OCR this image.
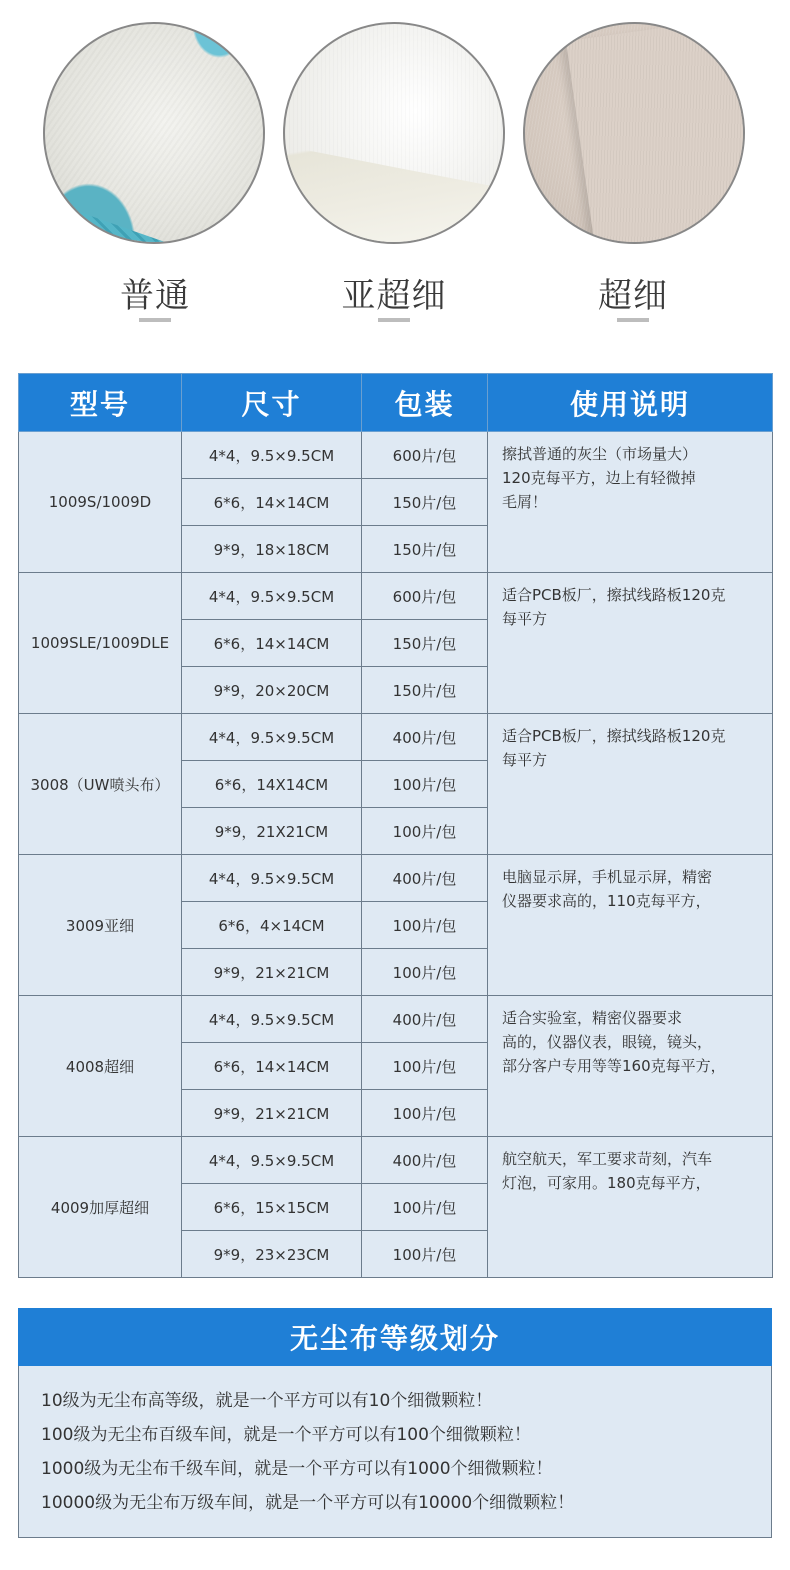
普通	亚超细	超细
型号	尺寸	包装	使用说明
1009S/1009D	4*4，9.5×9.5CM	600片/包	擦拭普通的灰尘（市场量大）
120克每平方，边上有轻微掉
毛屑！

	6*6，14×14CM	150片/包	
	9*9，18×18CM	150片/包	
1009SLE/1009DLE	4*4，9.5×9.5CM	600片/包	适合PCB板厂，擦拭线路板120克
每平方

	6*6，14×14CM	150片/包	
	9*9，20×20CM	150片/包	
3008（UW喷头布）	4*4，9.5×9.5CM	400片/包	适合PCB板厂，擦拭线路板120克
每平方

	6*6，14X14CM	100片/包	
	9*9，21X21CM	100片/包	
3009亚细	4*4，9.5×9.5CM	400片/包	电脑显示屏，手机显示屏，精密
仪器要求高的，110克每平方，

	6*6，4×14CM	100片/包	
	9*9，21×21CM	100片/包	
4008超细	4*4，9.5×9.5CM	400片/包	适合实验室，精密仪器要求
高的，仪器仪表，眼镜，镜头，
部分客户专用等等160克每平方，

	6*6，14×14CM	100片/包	
	9*9，21×21CM	100片/包	
4009加厚超细	4*4，9.5×9.5CM	400片/包	航空航天，军工要求苛刻，汽车
灯泡，可家用。180克每平方，

	6*6，15×15CM	100片/包	
	9*9，23×23CM	100片/包	
无尘布等级划分
10级为无尘布高等级，就是一个平方可以有10个细微颗粒！
100级为无尘布百级车间，就是一个平方可以有100个细微颗粒！
1000级为无尘布千级车间，就是一个平方可以有1000个细微颗粒！
10000级为无尘布万级车间，就是一个平方可以有10000个细微颗粒！
